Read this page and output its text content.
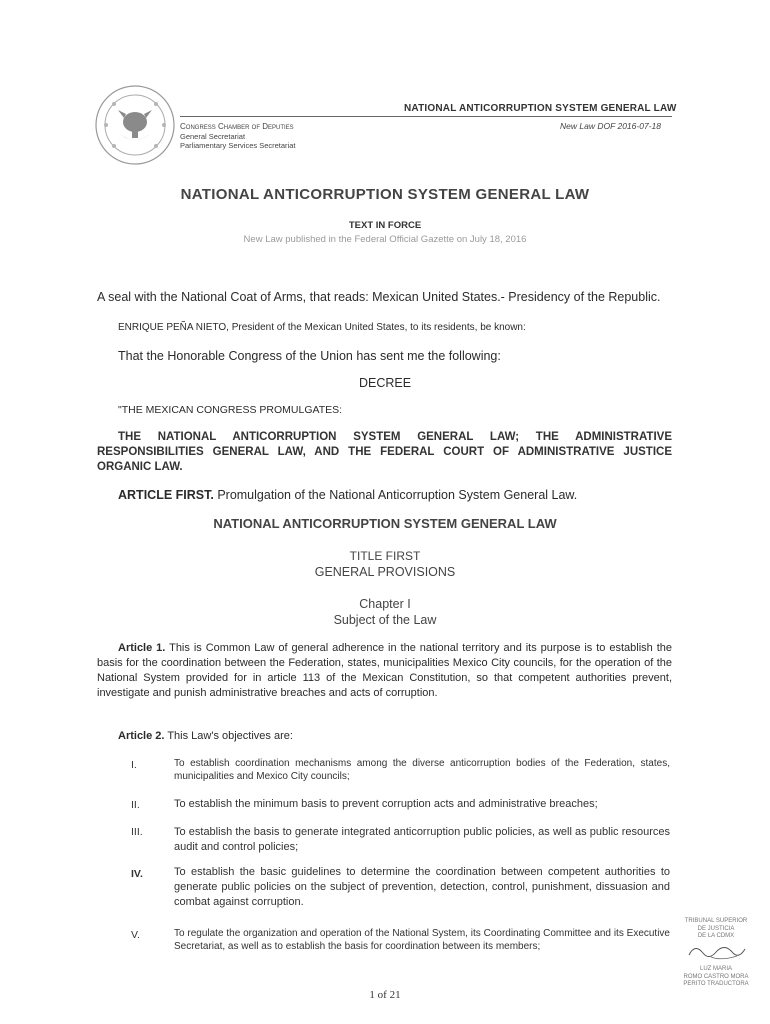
NATIONAL ANTICORRUPTION SYSTEM GENERAL LAW
Congress Chamber of Deputies
General Secretariat
Parliamentary Services Secretariat
New Law DOF 2016-07-18
NATIONAL ANTICORRUPTION SYSTEM GENERAL LAW
TEXT IN FORCE
New Law published in the Federal Official Gazette on July 18, 2016
A seal with the National Coat of Arms, that reads: Mexican United States.- Presidency of the Republic.
ENRIQUE PEÑA NIETO, President of the Mexican United States, to its residents, be known:
That the Honorable Congress of the Union has sent me the following:
DECREE
"THE MEXICAN CONGRESS PROMULGATES:
THE NATIONAL ANTICORRUPTION SYSTEM GENERAL LAW; THE ADMINISTRATIVE RESPONSIBILITIES GENERAL LAW, AND THE FEDERAL COURT OF ADMINISTRATIVE JUSTICE ORGANIC LAW.
ARTICLE FIRST. Promulgation of the National Anticorruption System General Law.
NATIONAL ANTICORRUPTION SYSTEM GENERAL LAW
TITLE FIRST
GENERAL PROVISIONS
Chapter I
Subject of the Law
Article 1. This is Common Law of general adherence in the national territory and its purpose is to establish the basis for the coordination between the Federation, states, municipalities Mexico City councils, for the operation of the National System provided for in article 113 of the Mexican Constitution, so that competent authorities prevent, investigate and punish administrative breaches and acts of corruption.
Article 2. This Law's objectives are:
I.	To establish coordination mechanisms among the diverse anticorruption bodies of the Federation, states, municipalities and Mexico City councils;
II.	To establish the minimum basis to prevent corruption acts and administrative breaches;
III.	To establish the basis to generate integrated anticorruption public policies, as well as public resources audit and control policies;
IV.	To establish the basic guidelines to determine the coordination between competent authorities to generate public policies on the subject of prevention, detection, control, punishment, dissuasion and combat against corruption.
V.	To regulate the organization and operation of the National System, its Coordinating Committee and its Executive Secretariat, as well as to establish the basis for coordination between its members;
TRIBUNAL SUPERIOR
DE JUSTICIA
DE LA CDMX
LUZ MARIA
ROMO CASTRO MORA
PERITO TRADUCTORA
1 of 21
